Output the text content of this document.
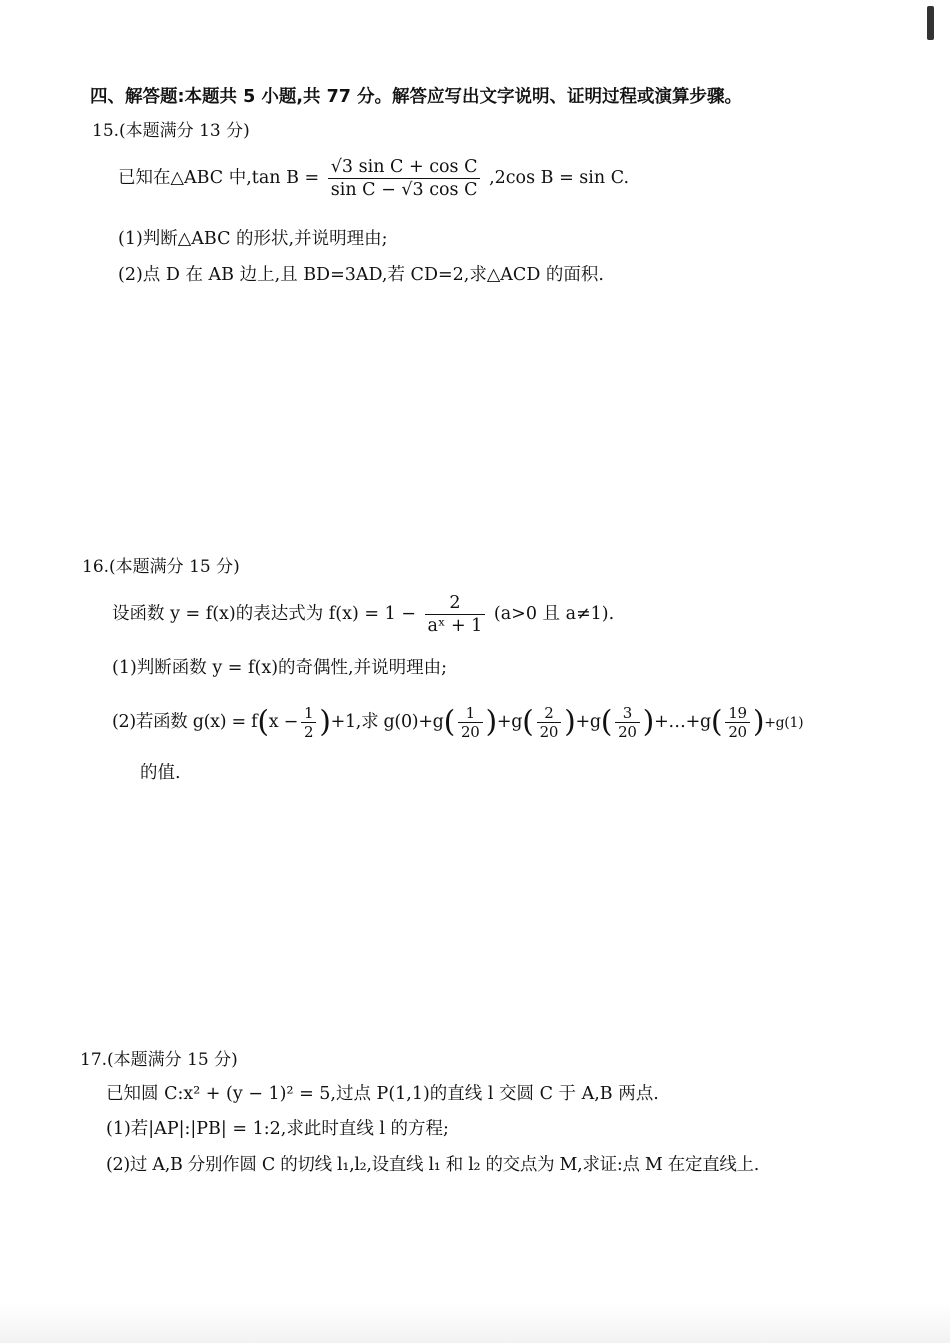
四、解答题:本题共 5 小题,共 77 分。解答应写出文字说明、证明过程或演算步骤。
15.(本题满分 13 分)
已知在△ABC 中,tan $B = \frac{\text{√3 sin C + cos C}}{\text{sin C − √3 cos C}} ,2\cos$ B = sin C.
(1)判断△ABC 的形状,并说明理由;
(2)点 D 在 AB 边上,且 BD=3AD,若 CD=2,求△ACD 的面积.
16.(本题满分 15 分)
设函数 y = f(x)的表达式为 $f(x) = 1 - \frac{2}{\text{aˣ + 1}} (a>0$ 且 a≠1).
(1)判断函数 y = f(x)的奇偶性,并说明理由;
(2)若函数 $g(x) = f(x - \frac{1}{2} )+1$,求 $g(0)+g( \frac{1}{20} )+g( \frac{2}{20} )+g( \frac{3}{20}$ )+…+g( $\frac{19}{20} )+g(1)$
的值.
17.(本题满分 15 分)
已知圆 C:x² + (y − 1)² = 5,过点 P(1,1)的直线 l 交圆 C 于 A,B 两点.
(1)若|AP|:|PB| = 1:2,求此时直线 l 的方程;
(2)过 A,B 分别作圆 C 的切线 l₁,l₂,设直线 l₁ 和 l₂ 的交点为 M,求证:点 M 在定直线上.
